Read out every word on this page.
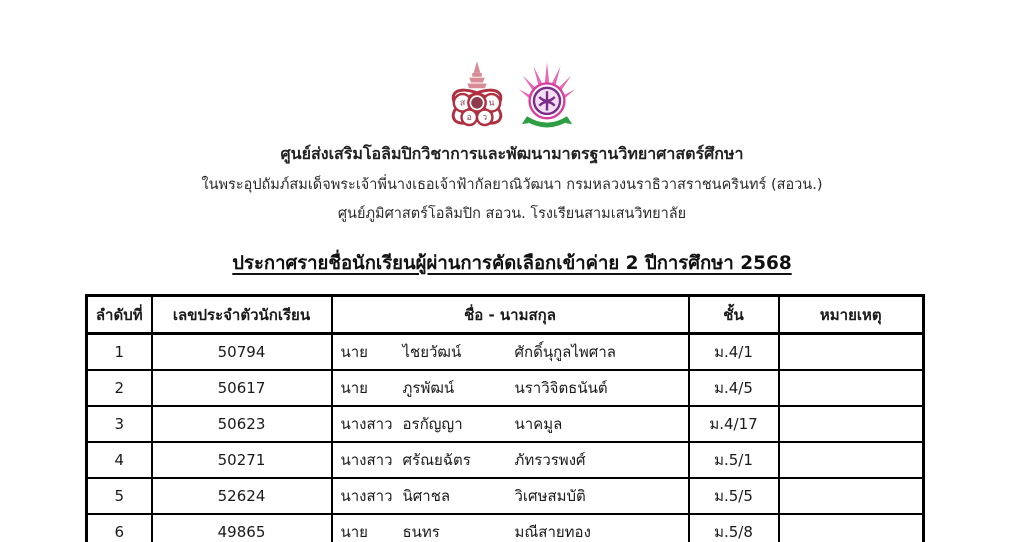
ส	น
อ ว
ศูนย์ส่งเสริมโอลิมปิกวิชาการและพัฒนามาตรฐานวิทยาศาสตร์ศึกษา
ในพระอุปถัมภ์สมเด็จพระเจ้าพี่นางเธอเจ้าฟ้ากัลยาณิวัฒนา กรมหลวงนราธิวาสราชนครินทร์ (สอวน.)
ศูนย์ภูมิศาสตร์โอลิมปิก สอวน. โรงเรียนสามเสนวิทยาลัย
ประกาศรายชื่อนักเรียนผู้ผ่านการคัดเลือกเข้าค่าย 2 ปีการศึกษา 2568
ลำดับที่	เลขประจำตัวนักเรียน	ชื่อ - นามสกุล	ชั้น	หมายเหตุ
1	50794	นาย ไชยวัฒน์ ศักดิ์นุกูลไพศาล	ม.4/1	
2	50617	นาย ภูรพัฒน์ นราวิจิตธนันต์	ม.4/5	
3	50623	นางสาว อรกัญญา นาคมูล	ม.4/17	
4	50271	นางสาว ศรัณยฉัตร ภัทรวรพงศ์	ม.5/1	
5	52624	นางสาว นิศาชล วิเศษสมบัติ	ม.5/5	
6	49865	นาย ธนทร มณีสายทอง	ม.5/8	
